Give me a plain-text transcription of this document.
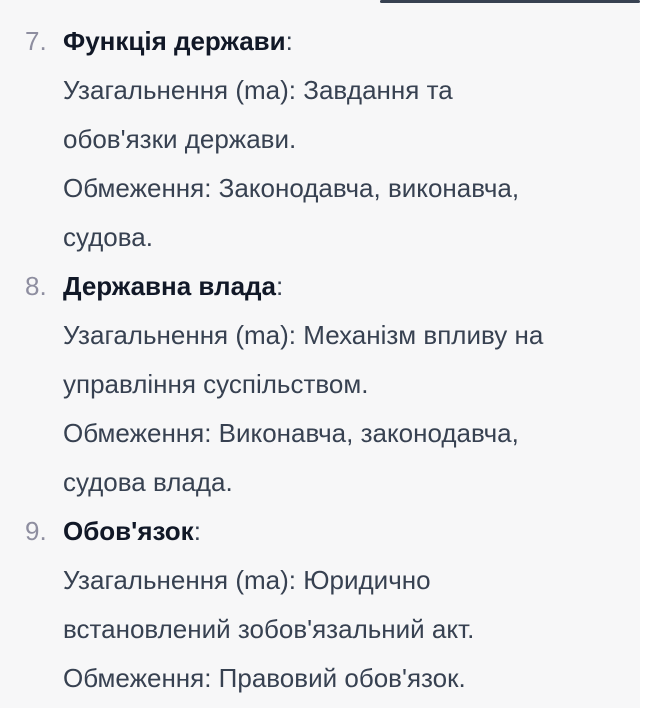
7. Функція держави:
Узагальнення (ma): Завдання та
обов'язки держави.
Обмеження: Законодавча, виконавча,
судова.
8. Державна влада:
Узагальнення (ma): Механізм впливу на
управління суспільством.
Обмеження: Виконавча, законодавча,
судова влада.
9. Обов'язок:
Узагальнення (ma): Юридично
встановлений зобов'язальний акт.
Обмеження: Правовий обов'язок.
